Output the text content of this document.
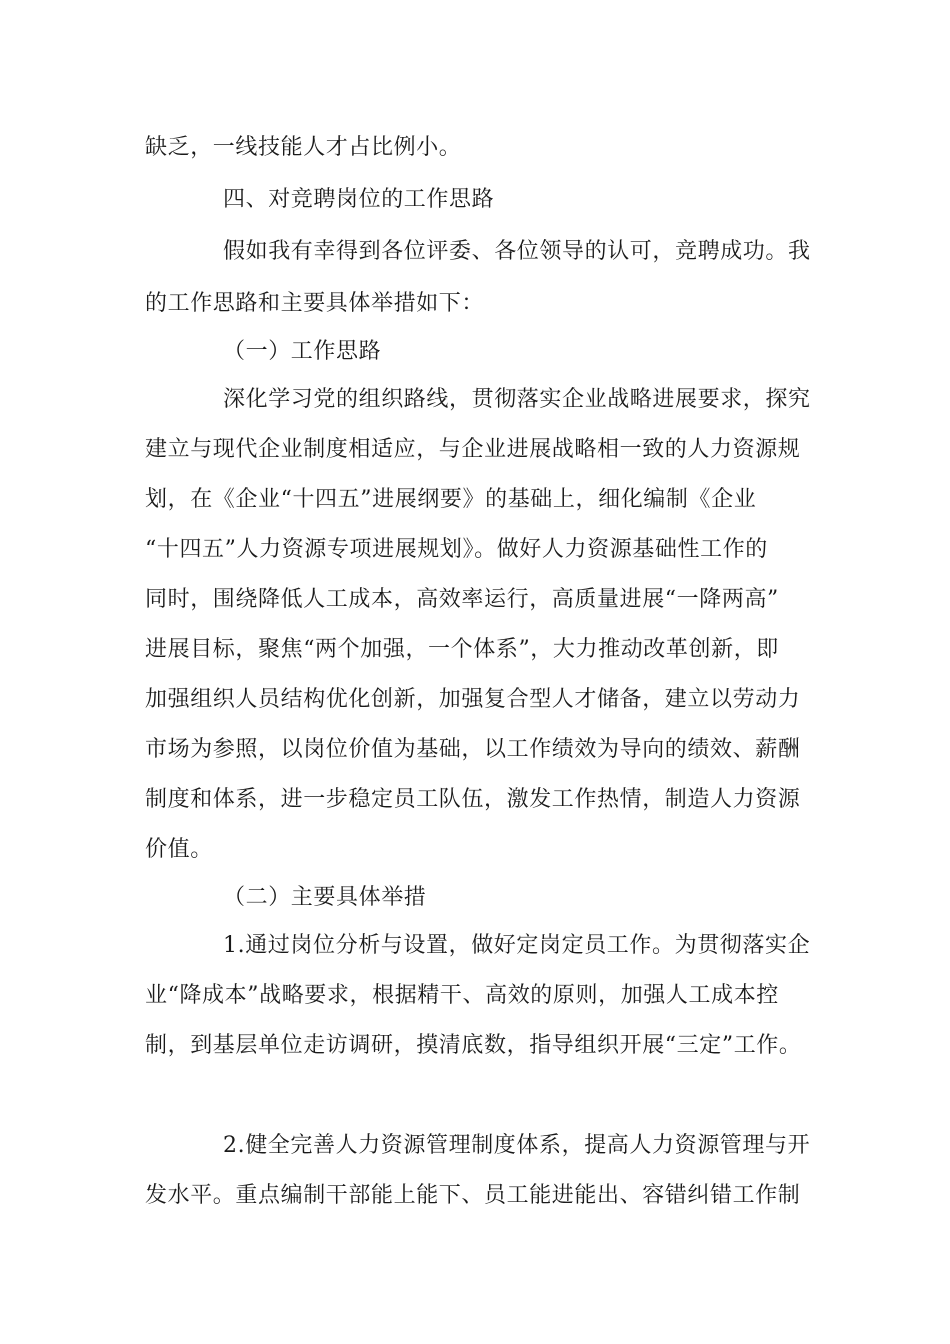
缺乏，一线技能人才占比例小。
四、对竞聘岗位的工作思路
假如我有幸得到各位评委、各位领导的认可，竞聘成功。我
的工作思路和主要具体举措如下：
（一）工作思路
深化学习党的组织路线，贯彻落实企业战略进展要求，探究
建立与现代企业制度相适应，与企业进展战略相一致的人力资源规
划，在《企业“十四五”进展纲要》的基础上，细化编制《企业
“十四五”人力资源专项进展规划》。做好人力资源基础性工作的
同时，围绕降低人工成本，高效率运行，高质量进展“一降两高”
进展目标，聚焦“两个加强，一个体系”，大力推动改革创新，即
加强组织人员结构优化创新，加强复合型人才储备，建立以劳动力
市场为参照，以岗位价值为基础，以工作绩效为导向的绩效、薪酬
制度和体系，进一步稳定员工队伍，激发工作热情，制造人力资源
价值。
（二）主要具体举措
1.通过岗位分析与设置，做好定岗定员工作。为贯彻落实企
业“降成本”战略要求，根据精干、高效的原则，加强人工成本控
制，到基层单位走访调研，摸清底数，指导组织开展“三定”工作。
2.健全完善人力资源管理制度体系，提高人力资源管理与开
发水平。重点编制干部能上能下、员工能进能出、容错纠错工作制
